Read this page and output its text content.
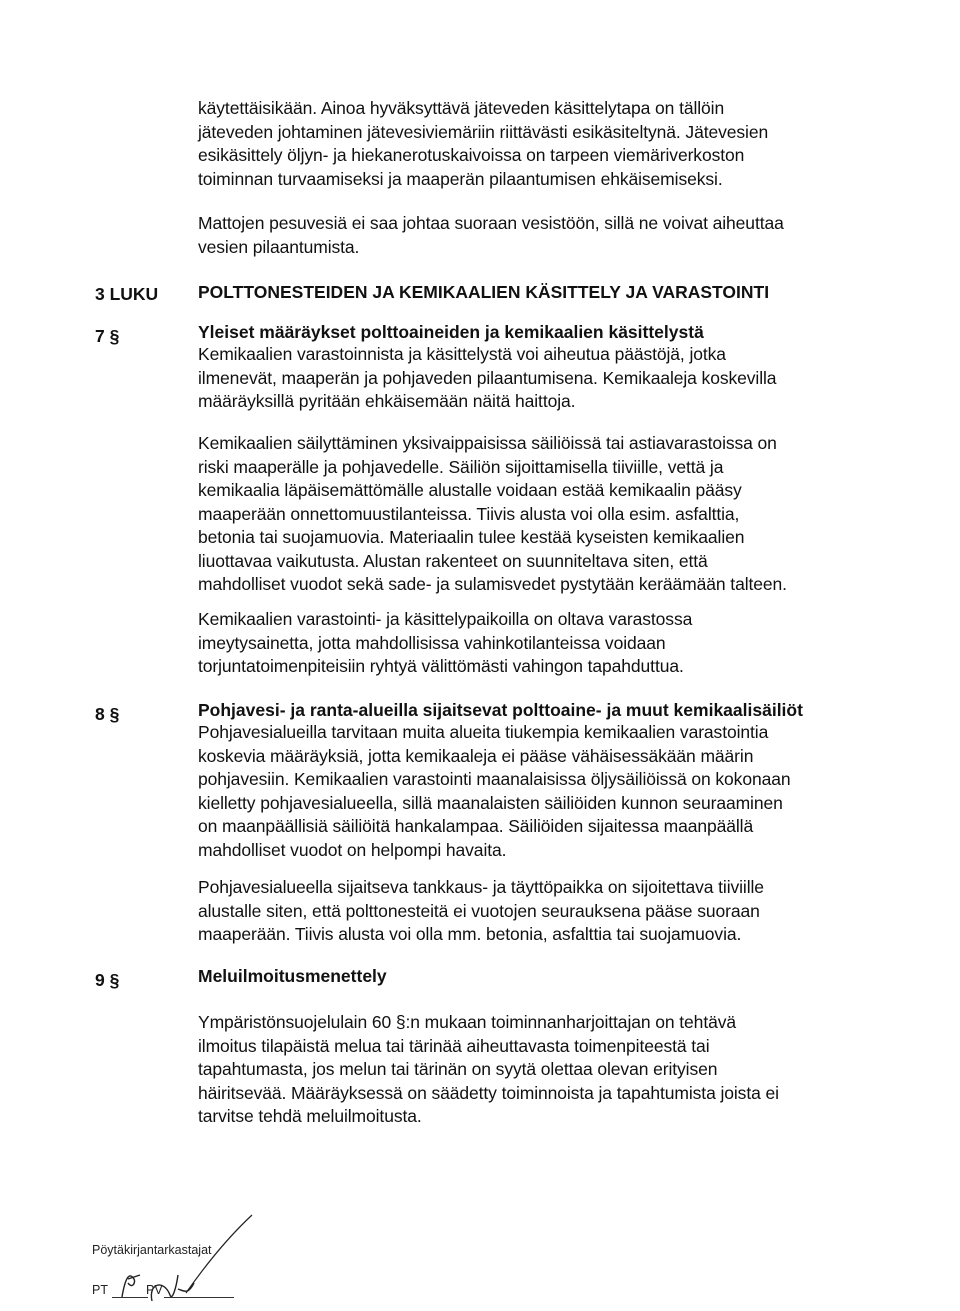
käytettäisikään. Ainoa hyväksyttävä jäteveden käsittelytapa on tällöin
jäteveden johtaminen jätevesiviemäriin riittävästi esikäsiteltynä. Jätevesien
esikäsittely öljyn- ja hiekanerotuskaivoissa on tarpeen viemäriverkoston
toiminnan turvaamiseksi ja maaperän pilaantumisen ehkäisemiseksi.

Mattojen pesuvesiä ei saa johtaa suoraan vesistöön, sillä ne voivat aiheuttaa
vesien pilaantumista.

3 LUKU POLTTONESTEIDEN JA KEMIKAALIEN KÄSITTELY JA VARASTOINTI
7 §	Yleiset määräykset polttoaineiden ja kemikaalien käsittelystä

Kemikaalien varastoinnista ja käsittelystä voi aiheutua päästöjä, jotka
ilmenevät, maaperän ja pohjaveden pilaantumisena. Kemikaaleja koskevilla
määräyksillä pyritään ehkäisemään näitä haittoja.

Kemikaalien säilyttäminen yksivaippaisissa säiliöissä tai astiavarastoissa on
riski maaperälle ja pohjavedelle. Säiliön sijoittamisella tiiviille, vettä ja
kemikaalia läpäisemättömälle alustalle voidaan estää kemikaalin pääsy
maaperään onnettomuustilanteissa. Tiivis alusta voi olla esim. asfalttia,
betonia tai suojamuovia. Materiaalin tulee kestää kyseisten kemikaalien
liuottavaa vaikutusta. Alustan rakenteet on suunniteltava siten, että
mahdolliset vuodot sekä sade- ja sulamisvedet pystytään keräämään talteen.

Kemikaalien varastointi- ja käsittelypaikoilla on oltava varastossa
imeytysainetta, jotta mahdollisissa vahinkotilanteissa voidaan
torjuntatoimenpiteisiin ryhtyä välittömästi vahingon tapahduttua.

8 §	Pohjavesi- ja ranta-alueilla sijaitsevat polttoaine- ja muut kemikaalisäiliöt

Pohjavesialueilla tarvitaan muita alueita tiukempia kemikaalien varastointia
koskevia määräyksiä, jotta kemikaaleja ei pääse vähäisessäkään määrin
pohjavesiin. Kemikaalien varastointi maanalaisissa öljysäiliöissä on kokonaan
kielletty pohjavesialueella, sillä maanalaisten säiliöiden kunnon seuraaminen
on maanpäällisiä säiliöitä hankalampaa. Säiliöiden sijaitessa maanpäällä
mahdolliset vuodot on helpompi havaita.

Pohjavesialueella sijaitseva tankkaus- ja täyttöpaikka on sijoitettava tiiviille
alustalle siten, että polttonesteitä ei vuotojen seurauksena pääse suoraan
maaperään. Tiivis alusta voi olla mm. betonia, asfalttia tai suojamuovia.

9 §	Meluilmoitusmenettely

Ympäristönsuojelulain 60 §:n mukaan toiminnanharjoittajan on tehtävä
ilmoitus tilapäistä melua tai tärinää aiheuttavasta toimenpiteestä tai
tapahtumasta, jos melun tai tärinän on syytä olettaa olevan erityisen
häiritsevää. Määräyksessä on säädetty toiminnoista ja tapahtumista joista ei
tarvitse tehdä meluilmoitusta.

Pöytäkirjantarkastajat
PT	PV
